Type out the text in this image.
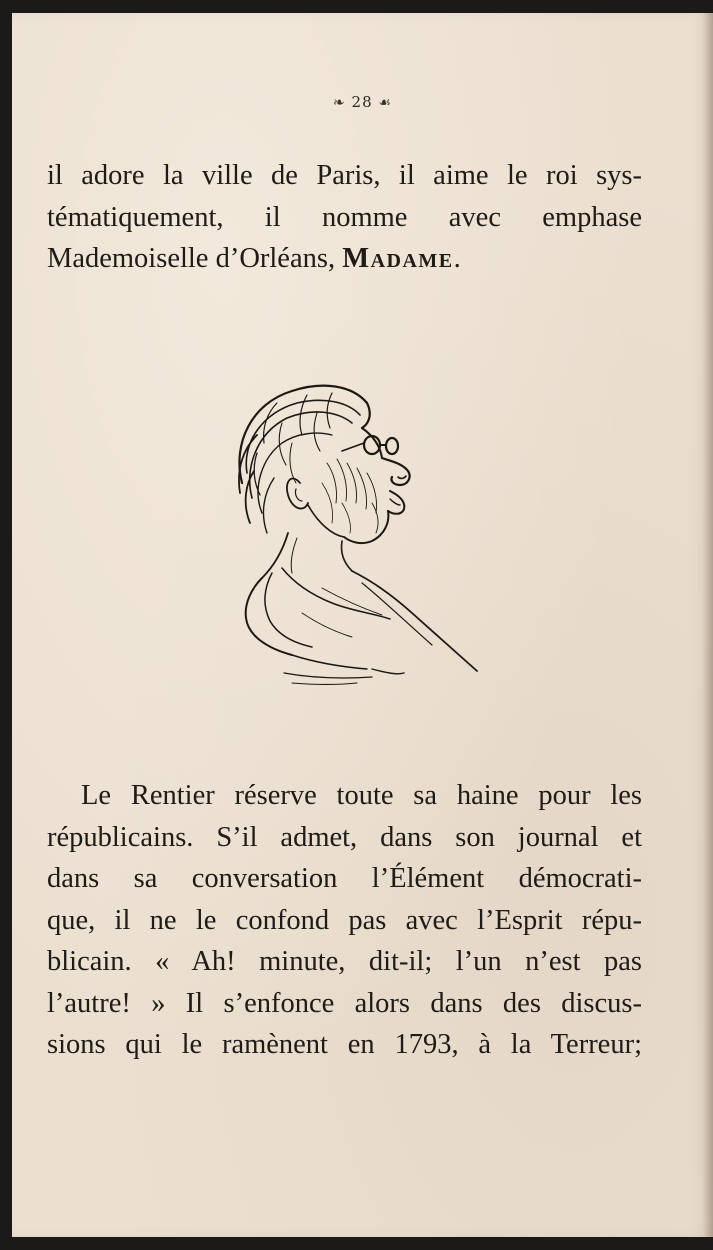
❧ 28 ☙
il adore la ville de Paris, il aime le roi sys-
tématiquement, il nomme avec emphase
Mademoiselle d’Orléans, Madame.
Le Rentier réserve toute sa haine pour les
républicains. S’il admet, dans son journal et
dans sa conversation l’Élément démocrati-
que, il ne le confond pas avec l’Esprit répu-
blicain. « Ah! minute, dit-il; l’un n’est pas
l’autre! » Il s’enfonce alors dans des discus-
sions qui le ramènent en 1793, à la Terreur;
